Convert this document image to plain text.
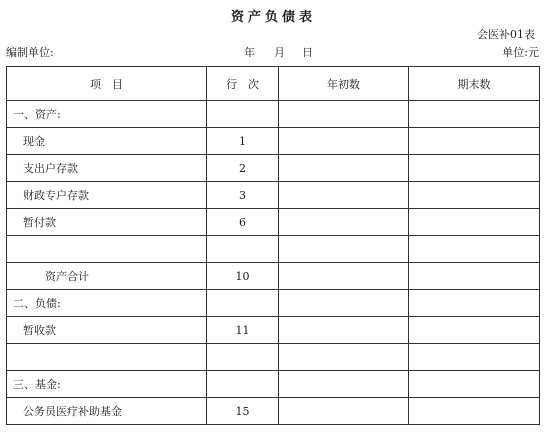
资产负债表
会医补01表
编制单位:	年 月 日	单位:元
项　目	行　次	年初数	期末数
一、资产:			
现金	1		
支出户存款	2		
财政专户存款	3		
暂付款	6		

资产合计	10		
二、负债:			
暂收款	11		

三、基金:			
公务员医疗补助基金	15		
